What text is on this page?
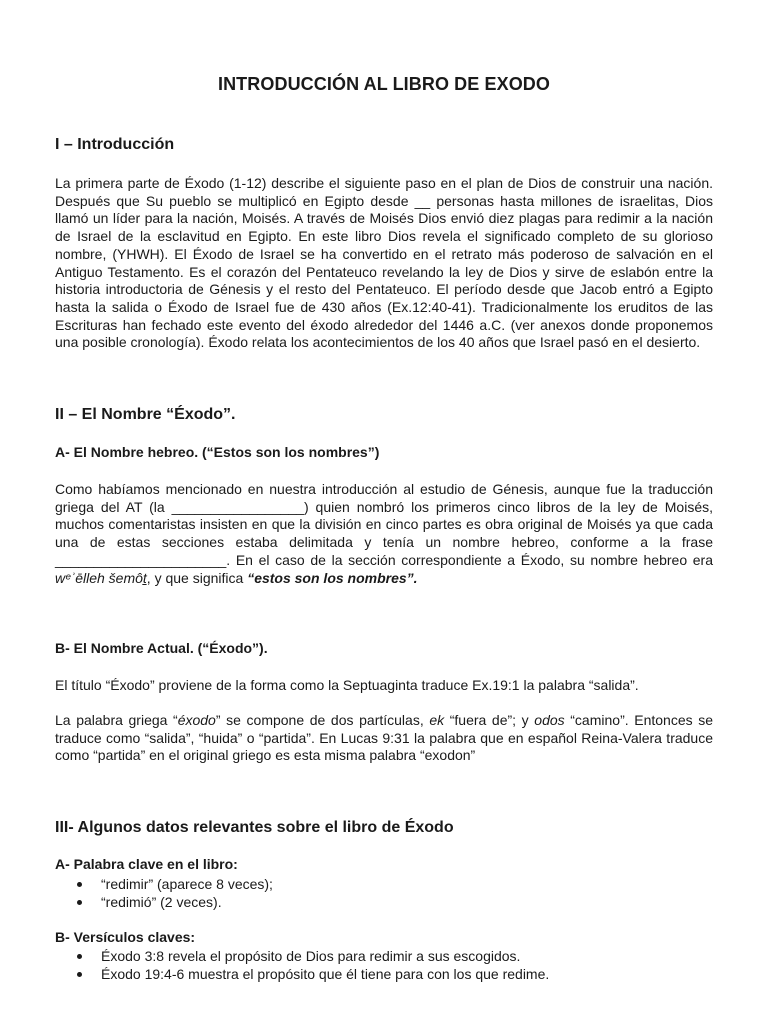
INTRODUCCIÓN AL LIBRO DE EXODO
I – Introducción
La primera parte de Éxodo (1-12) describe el siguiente paso en el plan de Dios de construir una nación. Después que Su pueblo se multiplicó en Egipto desde __ personas hasta millones de israelitas, Dios llamó un líder para la nación, Moisés. A través de Moisés Dios envió diez plagas para redimir a la nación de Israel de la esclavitud en Egipto. En este libro Dios revela el significado completo de su glorioso nombre, (YHWH). El Éxodo de Israel se ha convertido en el retrato más poderoso de salvación en el Antiguo Testamento. Es el corazón del Pentateuco revelando la ley de Dios y sirve de eslabón entre la historia introductoria de Génesis y el resto del Pentateuco. El período desde que Jacob entró a Egipto hasta la salida o Éxodo de Israel fue de 430 años (Ex.12:40-41). Tradicionalmente los eruditos de las Escrituras han fechado este evento del éxodo alrededor del 1446 a.C. (ver anexos donde proponemos una posible cronología). Éxodo relata los acontecimientos de los 40 años que Israel pasó en el desierto.
II – El Nombre “Éxodo”.
A- El Nombre hebreo. (“Estos son los nombres”)
Como habíamos mencionado en nuestra introducción al estudio de Génesis, aunque fue la traducción griega del AT (la _________________) quien nombró los primeros cinco libros de la ley de Moisés, muchos comentaristas insisten en que la división en cinco partes es obra original de Moisés ya que cada una de estas secciones estaba delimitada y tenía un nombre hebreo, conforme a la frase ______________________. En el caso de la sección correspondiente a Éxodo, su nombre hebreo era wᵉʾēlleh šemôṯ, y que significa “estos son los nombres”.
B- El Nombre Actual. (“Éxodo”).
El título “Éxodo” proviene de la forma como la Septuaginta traduce Ex.19:1 la palabra “salida”.
La palabra griega “éxodo” se compone de dos partículas, ek “fuera de”; y odos “camino”. Entonces se traduce como “salida”, “huida” o “partida”. En Lucas 9:31 la palabra que en español Reina-Valera traduce como “partida” en el original griego es esta misma palabra “exodon”
III- Algunos datos relevantes sobre el libro de Éxodo
A- Palabra clave en el libro:
“redimir” (aparece 8 veces);
“redimió” (2 veces).
B- Versículos claves:
Éxodo 3:8 revela el propósito de Dios para redimir a sus escogidos.
Éxodo 19:4-6 muestra el propósito que él tiene para con los que redime.
